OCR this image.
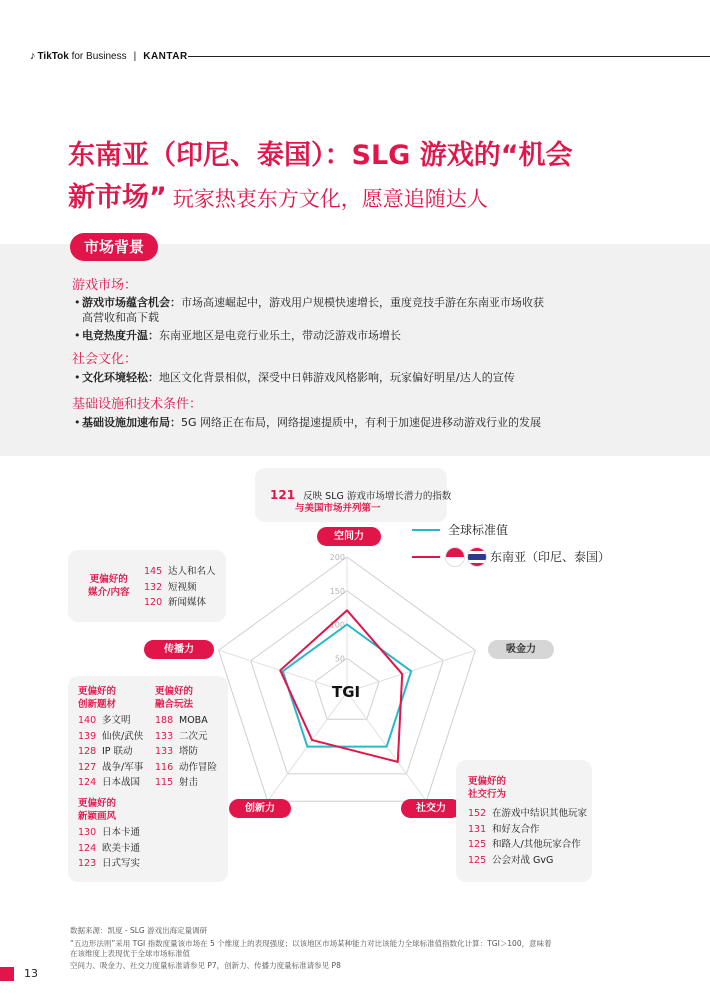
♪ TikTok for Business | KANTAR
东南亚（印尼、泰国）：SLG 游戏的“机会
新市场” 玩家热衷东方文化，愿意追随达人
市场背景
游戏市场：
• 游戏市场蕴含机会：市场高速崛起中，游戏用户规模快速增长，重度竞技手游在东南亚市场收获
高营收和高下载
• 电竞热度升温：东南亚地区是电竞行业乐土，带动泛游戏市场增长
社会文化：
• 文化环境轻松：地区文化背景相似，深受中日韩游戏风格影响，玩家偏好明星/达人的宣传
基础设施和技术条件：
• 基础设施加速布局：5G 网络正在布局，网络提速提质中，有利于加速促进移动游戏行业的发展
121 反映 SLG 游戏市场增长潜力的指数
与美国市场并列第一
全球标准值
东南亚（印尼、泰国）
50
100
150
200
空间力
吸金力
社交力
创新力
传播力
TGI
更偏好的
媒介/内容
145 达人和名人
132 短视频
120 新闻媒体
更偏好的
创新题材
140 多文明
139 仙侠/武侠
128 IP 联动
127 战争/军事
124 日本战国
更偏好的
融合玩法
188 MOBA
133 二次元
133 塔防
116 动作冒险
115 射击
更偏好的
新颖画风
130 日本卡通
124 欧美卡通
123 日式写实
更偏好的
社交行为
152 在游戏中结识其他玩家
131 和好友合作
125 和路人/其他玩家合作
125 公会对战 GvG
数据来源：凯度 - SLG 游戏出海定量调研
“五边形法则”采用 TGI 指数度量该市场在 5 个维度上的表现强度；以该地区市场某种能力对比该能力全球标准值指数化计算：TGI＞100，意味着
在该维度上表现优于全球市场标准值
空间力、吸金力、社交力度量标准请参见 P7，创新力、传播力度量标准请参见 P8
13
